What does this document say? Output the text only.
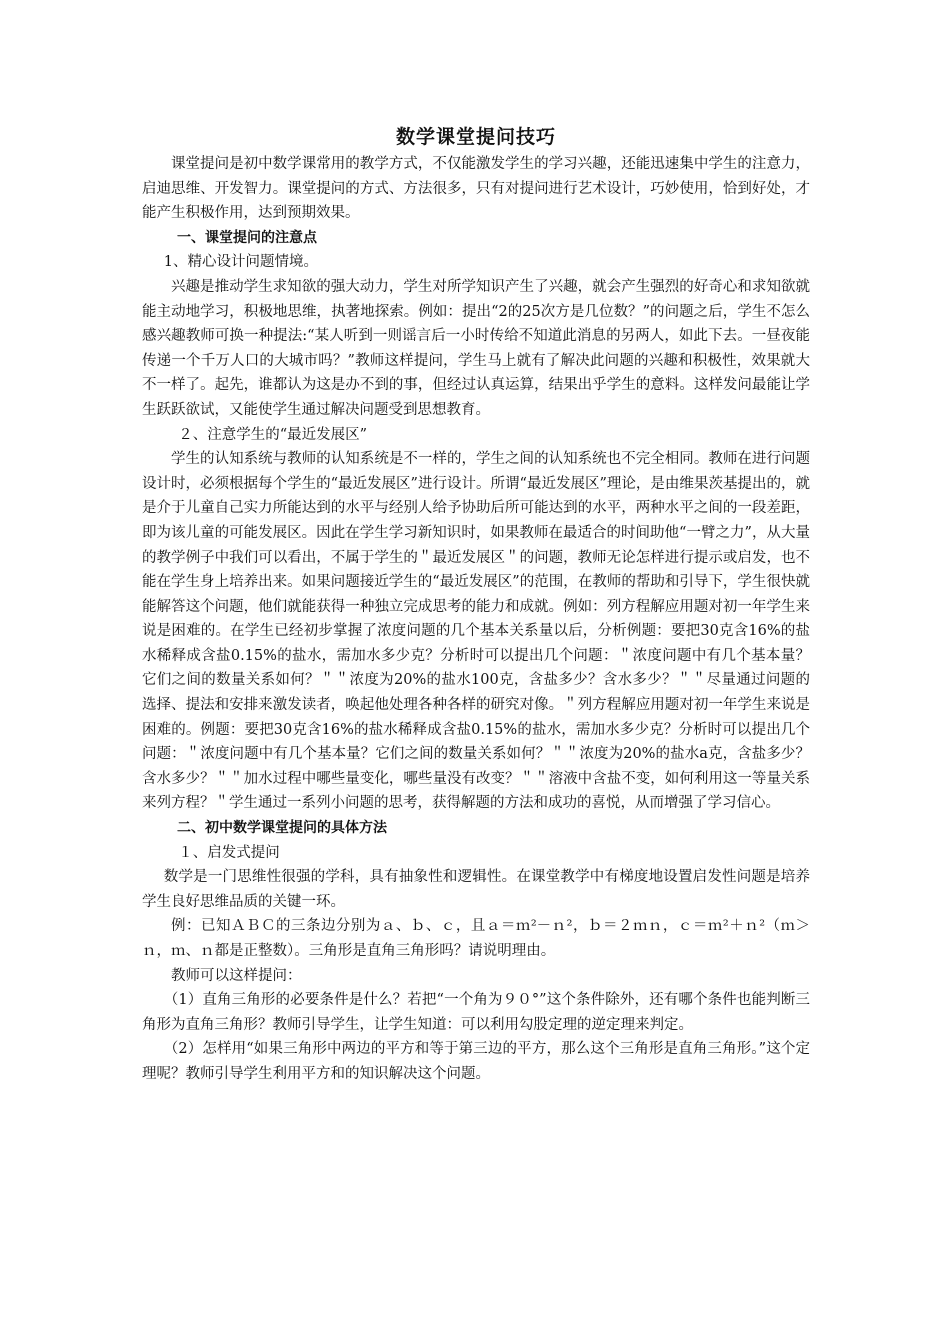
数学课堂提问技巧

课堂提问是初中数学课常用的教学方式，不仅能激发学生的学习兴趣，还能迅速集中学生的注意力，启迪思维、开发智力。课堂提问的方式、方法很多，只有对提问进行艺术设计，巧妙使用，恰到好处，才能产生积极作用，达到预期效果。

一、课堂提问的注意点

1、精心设计问题情境。

兴趣是推动学生求知欲的强大动力，学生对所学知识产生了兴趣，就会产生强烈的好奇心和求知欲就能主动地学习，积极地思维，执著地探索。例如：提出“2的25次方是几位数？”的问题之后，学生不怎么感兴趣教师可换一种提法:“某人听到一则谣言后一小时传给不知道此消息的另两人，如此下去。一昼夜能传递一个千万人口的大城市吗？”教师这样提问，学生马上就有了解决此问题的兴趣和积极性，效果就大不一样了。起先，谁都认为这是办不到的事，但经过认真运算，结果出乎学生的意料。这样发问最能让学生跃跃欲试，又能使学生通过解决问题受到思想教育。

２、注意学生的“最近发展区”

学生的认知系统与教师的认知系统是不一样的，学生之间的认知系统也不完全相同。教师在进行问题设计时，必须根据每个学生的“最近发展区”进行设计。所谓“最近发展区”理论，是由维果茨基提出的，就是介于儿童自己实力所能达到的水平与经别人给予协助后所可能达到的水平，两种水平之间的一段差距，即为该儿童的可能发展区。因此在学生学习新知识时，如果教师在最适合的时间助他“一臂之力”，从大量的教学例子中我们可以看出，不属于学生的＂最近发展区＂的问题，教师无论怎样进行提示或启发，也不能在学生身上培养出来。如果问题接近学生的“最近发展区”的范围，在教师的帮助和引导下，学生很快就能解答这个问题，他们就能获得一种独立完成思考的能力和成就。例如：列方程解应用题对初一年学生来说是困难的。在学生已经初步掌握了浓度问题的几个基本关系量以后，分析例题：要把30克含16%的盐水稀释成含盐0.15%的盐水，需加水多少克？分析时可以提出几个问题：＂浓度问题中有几个基本量？它们之间的数量关系如何？＂＂浓度为20%的盐水100克，含盐多少？含水多少？＂＂尽量通过问题的选择、提法和安排来激发读者，唤起他处理各种各样的研究对像。＂列方程解应用题对初一年学生来说是困难的。例题：要把30克含16%的盐水稀释成含盐0.15%的盐水，需加水多少克？分析时可以提出几个问题：＂浓度问题中有几个基本量？它们之间的数量关系如何？＂＂浓度为20%的盐水a克，含盐多少？含水多少？＂＂加水过程中哪些量变化，哪些量没有改变？＂＂溶液中含盐不变，如何利用这一等量关系来列方程？＂学生通过一系列小问题的思考，获得解题的方法和成功的喜悦，从而增强了学习信心。

二、初中数学课堂提问的具体方法

１、启发式提问

数学是一门思维性很强的学科，具有抽象性和逻辑性。在课堂教学中有梯度地设置启发性问题是培养学生良好思维品质的关键一环。

例：已知ＡＢＣ的三条边分别为ａ、ｂ、ｃ，且ａ＝ｍ²－ｎ²，ｂ＝２ｍｎ，ｃ＝ｍ²＋ｎ²（ｍ＞ｎ，ｍ、ｎ都是正整数）。三角形是直角三角形吗？请说明理由。

教师可以这样提问：

（1）直角三角形的必要条件是什么？若把“一个角为９０°”这个条件除外，还有哪个条件也能判断三角形为直角三角形？教师引导学生，让学生知道：可以利用勾股定理的逆定理来判定。

（2）怎样用“如果三角形中两边的平方和等于第三边的平方，那么这个三角形是直角三角形。”这个定理呢？教师引导学生利用平方和的知识解决这个问题。
